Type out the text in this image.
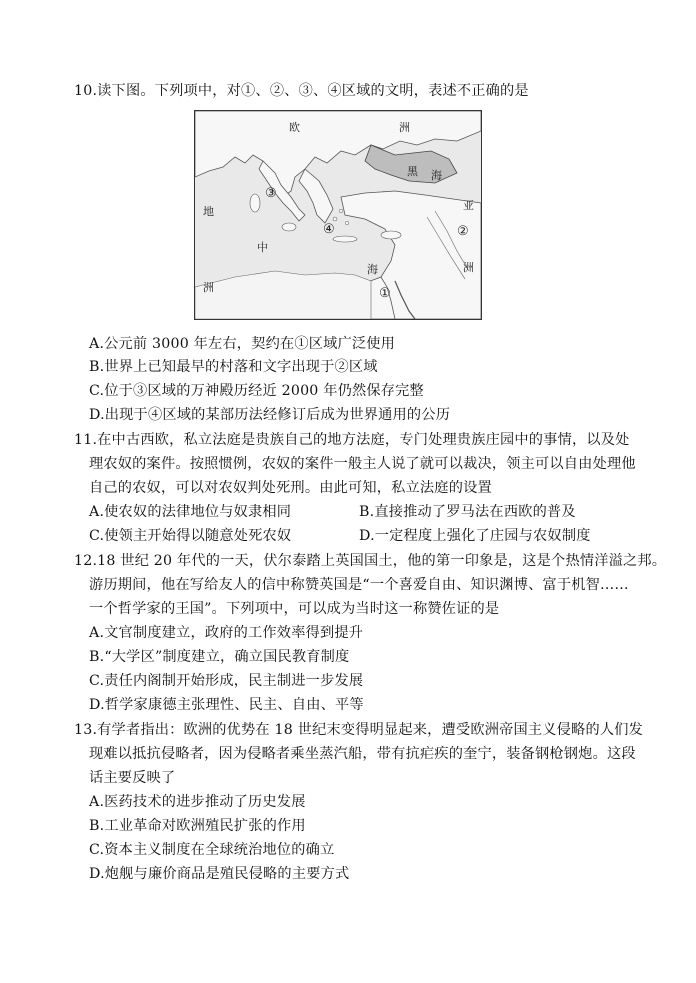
10.读下图。下列项中，对①、②、③、④区域的文明，表述不正确的是
欧	洲
黑 海
亚
洲
地
中
海
洲	①
②
③
④
A.公元前 3000 年左右，契约在①区域广泛使用
B.世界上已知最早的村落和文字出现于②区域
C.位于③区域的万神殿历经近 2000 年仍然保存完整
D.出现于④区域的某部历法经修订后成为世界通用的公历
11.在中古西欧，私立法庭是贵族自己的地方法庭，专门处理贵族庄园中的事情，以及处
理农奴的案件。按照惯例，农奴的案件一般主人说了就可以裁决，领主可以自由处理他
自己的农奴，可以对农奴判处死刑。由此可知，私立法庭的设置
A.使农奴的法律地位与奴隶相同	B.直接推动了罗马法在西欧的普及
C.使领主开始得以随意处死农奴	D.一定程度上强化了庄园与农奴制度
12.18 世纪 20 年代的一天，伏尔泰踏上英国国土，他的第一印象是，这是个热情洋溢之邦。
游历期间，他在写给友人的信中称赞英国是“一个喜爱自由、知识渊博、富于机智……
一个哲学家的王国”。下列项中，可以成为当时这一称赞佐证的是
A.文官制度建立，政府的工作效率得到提升
B.“大学区”制度建立，确立国民教育制度
C.责任内阁制开始形成，民主制进一步发展
D.哲学家康德主张理性、民主、自由、平等
13.有学者指出：欧洲的优势在 18 世纪末变得明显起来，遭受欧洲帝国主义侵略的人们发
现难以抵抗侵略者，因为侵略者乘坐蒸汽船，带有抗疟疾的奎宁，装备钢枪钢炮。这段
话主要反映了
A.医药技术的进步推动了历史发展
B.工业革命对欧洲殖民扩张的作用
C.资本主义制度在全球统治地位的确立
D.炮舰与廉价商品是殖民侵略的主要方式
